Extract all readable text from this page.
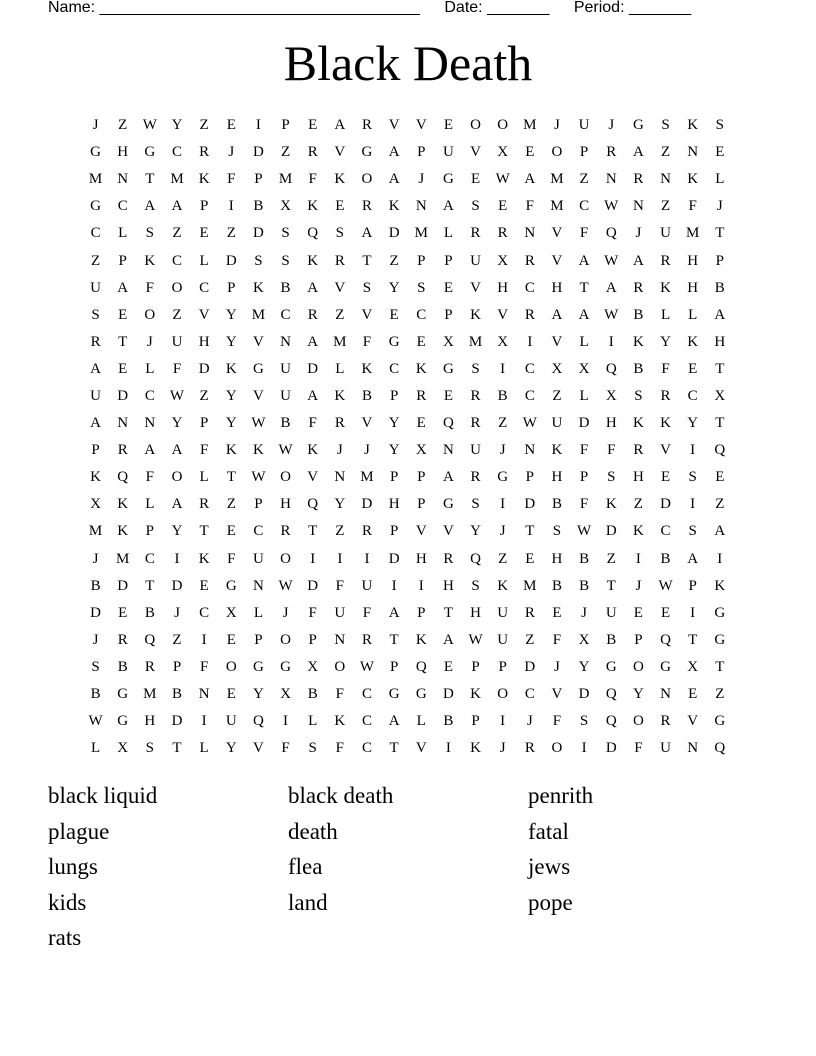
Name: ____________________________________ Date: _______ Period: _______
Black Death
J	Z	W Y	Z	E	I	P	E	A	R	V	V	E	O	O	M	J	U	J	G	S	K	S
G	H	G	C	R	J	D	Z	R	V	G	A	P	U	V	X	E	O	P	R	A	Z	N	E
M	N	T	M	K	F	P	M	F	K	O	A	J	G	E	W A	M	Z	N	R	N	K	L
G	C	A	A	P	I	B	X	K	E	R	K	N	A	S	E	F	M	C	W N	Z	F	J
C	L	S	Z	E	Z	D	S	Q	S	A	D	M	L	R	R	N	V	F	Q	J	U	M	T
Z	P	K	C	L	D	S	S	K	R	T	Z	P	P	U	X	R	V	A W A	R	H	P
U	A	F	O	C	P	K	B	A	V	S	Y	S	E	V	H	C	H	T	A	R	K	H	B
S	E	O	Z	V	Y	M	C	R	Z	V	E	C	P	K	V	R	A	A W	B	L	L	A
R	T	J	U	H	Y	V	N	A	M	F	G	E	X	M	X	I	V	L	I	K	Y	K	H
A	E	L	F	D	K	G	U	D	L	K	C	K	G	S	I	C	X	X	Q	B	F	E	T
U	D	C	W	Z	Y	V	U	A	K	B	P	R	E	R	B	C	Z	L	X	S	R	C	X
A	N	N	Y	P	Y W	B	F	R	V	Y	E	Q	R	Z	W U	D	H	K	K	Y	T
P	R	A	A	F	K	K W K	J	J	Y	X	N	U	J	N	K	F	F	R	V	I	Q
K	Q	F	O	L	T	W O	V	N	M	P	P	A	R	G	P	H	P	S	H	E	S	E
X	K	L	A	R	Z	P	H	Q	Y	D	H	P	G	S	I	D	B	F	K	Z	D	I	Z
M	K	P	Y	T	E	C	R	T	Z	R	P	V	V	Y	J	T	S	W D	K	C	S	A
J	M	C	I	K	F	U	O	I	I	I	D	H	R	Q	Z	E	H	B	Z	I	B	A	I
B	D	T	D	E	G	N W D	F	U	I	I	H	S	K	M	B	B	T	J	W	P	K
D	E	B	J	C	X	L	J	F	U	F	A	P	T	H	U	R	E	J	U	E	E	I	G
J	R	Q	Z	I	E	P	O	P	N	R	T	K	A W U	Z	F	X	B	P	Q	T	G
S	B	R	P	F	O	G	G	X	O W	P	Q	E	P	P	D	J	Y	G	O	G	X	T
B	G	M	B	N	E	Y	X	B	F	C	G	G	D	K	O	C	V	D	Q	Y	N	E	Z
W G	H	D	I	U	Q	I	L	K	C	A	L	B	P	I	J	F	S	Q	O	R	V	G
L	X	S	T	L	Y	V	F	S	F	C	T	V	I	K	J	R	O	I	D	F	U	N	Q
black liquid	black death	penrith
plague	death	fatal
lungs	flea	jews
kids	land	pope
rats
